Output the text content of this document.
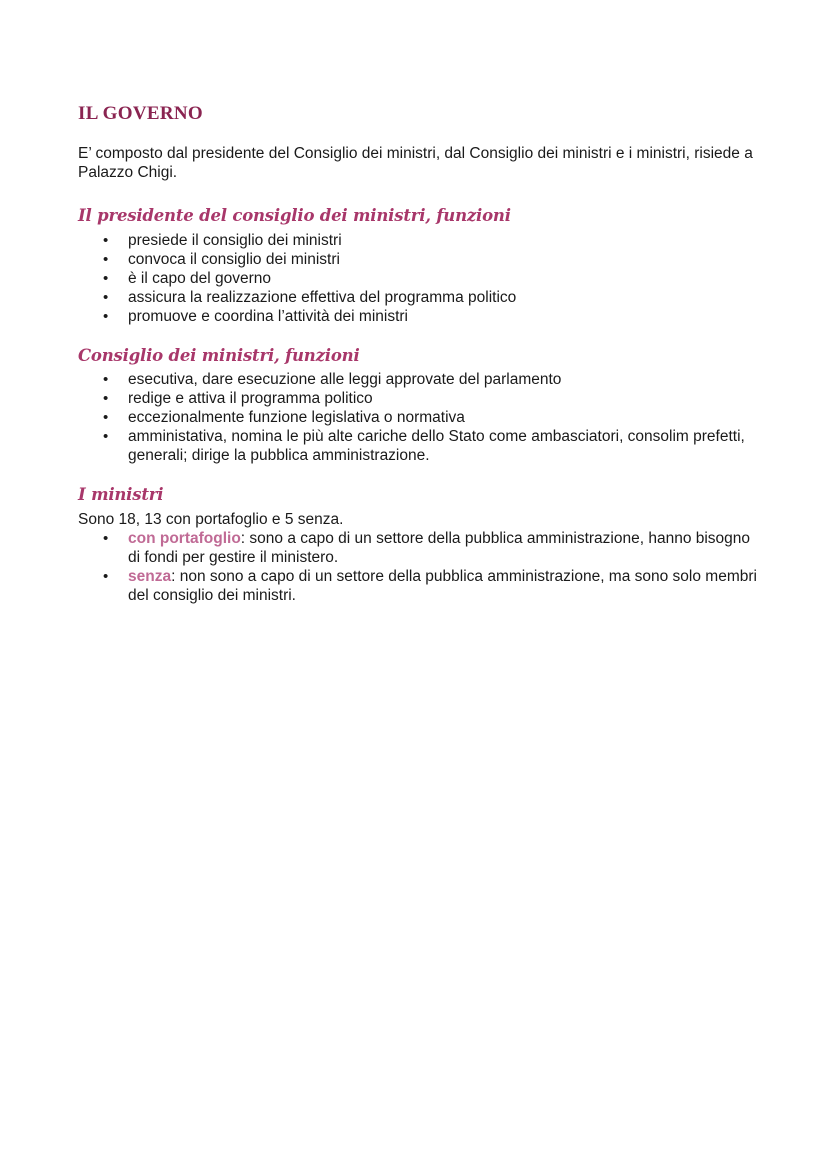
IL GOVERNO

E’ composto dal presidente del Consiglio dei ministri, dal Consiglio dei ministri e i ministri, risiede a Palazzo Chigi.

Il presidente del consiglio dei ministri, funzioni
• presiede il consiglio dei ministri
• convoca il consiglio dei ministri
• è il capo del governo
• assicura la realizzazione effettiva del programma politico
• promuove e coordina l’attività dei ministri
Consiglio dei ministri, funzioni
• esecutiva, dare esecuzione alle leggi approvate del parlamento
• redige e attiva il programma politico
• eccezionalmente funzione legislativa o normativa
• amministativa, nomina le più alte cariche dello Stato come ambasciatori, consolim prefetti, generali; dirige la pubblica amministrazione.
I ministri

Sono 18, 13 con portafoglio e 5 senza.

• con portafoglio: sono a capo di un settore della pubblica amministrazione, hanno bisogno di fondi per gestire il ministero.
• senza: non sono a capo di un settore della pubblica amministrazione, ma sono solo membri del consiglio dei ministri.
